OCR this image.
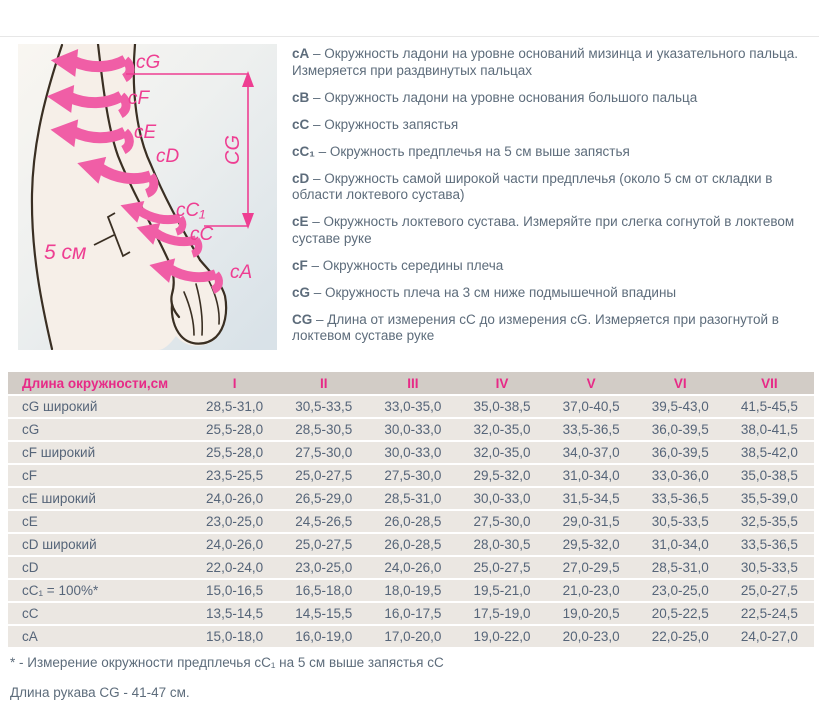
cG
cF
cE
cD
cC₁
cC
cA
5 см
CG
cA – Окружность ладони на уровне оснований мизинца и указательного пальца. Измеряется при раздвинутых пальцах
cB – Окружность ладони на уровне основания большого пальца
cC – Окружность запястья
cC₁ – Окружность предплечья на 5 см выше запястья
cD – Окружность самой широкой части предплечья (около 5 см от складки в области локтевого сустава)
cE – Окружность локтевого сустава. Измеряйте при слегка согнутой в локтевом суставе руке
cF – Окружность середины плеча
cG – Окружность плеча на 3 см ниже подмышечной впадины
CG – Длина от измерения cC до измерения cG. Измеряется при разогнутой в локтевом суставе руке
Длина окружности,см	I	II	III	IV	V	VI	VII
cG широкий	28,5-31,0	30,5-33,5	33,0-35,0	35,0-38,5	37,0-40,5	39,5-43,0	41,5-45,5
cG	25,5-28,0	28,5-30,5	30,0-33,0	32,0-35,0	33,5-36,5	36,0-39,5	38,0-41,5
cF широкий	25,5-28,0	27,5-30,0	30,0-33,0	32,0-35,0	34,0-37,0	36,0-39,5	38,5-42,0
cF	23,5-25,5	25,0-27,5	27,5-30,0	29,5-32,0	31,0-34,0	33,0-36,0	35,0-38,5
cE широкий	24,0-26,0	26,5-29,0	28,5-31,0	30,0-33,0	31,5-34,5	33,5-36,5	35,5-39,0
cE	23,0-25,0	24,5-26,5	26,0-28,5	27,5-30,0	29,0-31,5	30,5-33,5	32,5-35,5
cD широкий	24,0-26,0	25,0-27,5	26,0-28,5	28,0-30,5	29,5-32,0	31,0-34,0	33,5-36,5
cD	22,0-24,0	23,0-25,0	24,0-26,0	25,0-27,5	27,0-29,5	28,5-31,0	30,5-33,5
cC₁ = 100%*	15,0-16,5	16,5-18,0	18,0-19,5	19,5-21,0	21,0-23,0	23,0-25,0	25,0-27,5
cC	13,5-14,5	14,5-15,5	16,0-17,5	17,5-19,0	19,0-20,5	20,5-22,5	22,5-24,5
cA	15,0-18,0	16,0-19,0	17,0-20,0	19,0-22,0	20,0-23,0	22,0-25,0	24,0-27,0

* - Измерение окружности предплечья cC₁ на 5 см выше запястья cC

Длина рукава CG - 41-47 см.
